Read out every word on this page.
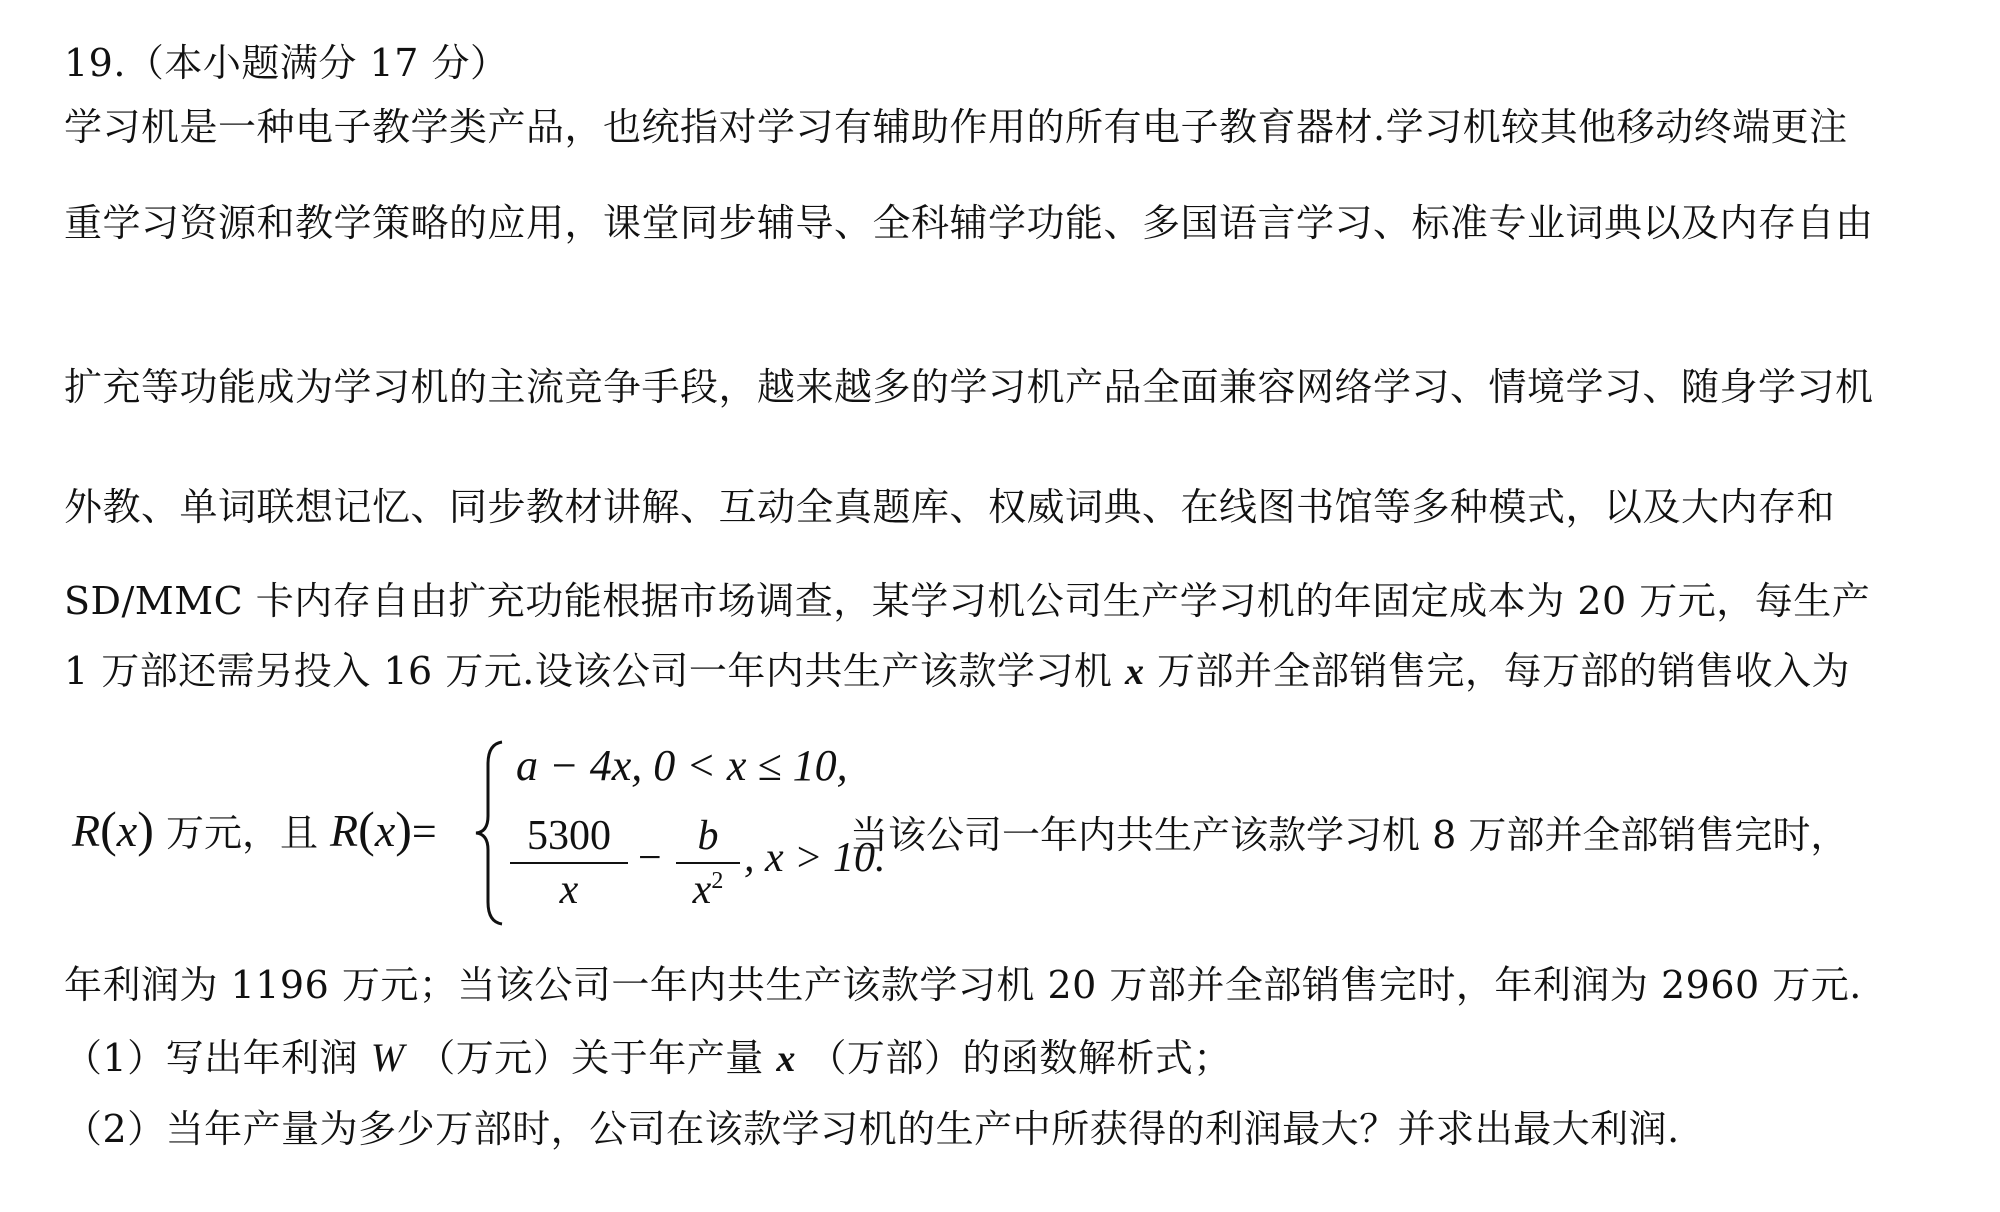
19.（本小题满分 17 分）
学习机是一种电子教学类产品，也统指对学习有辅助作用的所有电子教育器材.学习机较其他移动终端更注
重学习资源和教学策略的应用，课堂同步辅导、全科辅学功能、多国语言学习、标准专业词典以及内存自由
扩充等功能成为学习机的主流竞争手段，越来越多的学习机产品全面兼容网络学习、情境学习、随身学习机
外教、单词联想记忆、同步教材讲解、互动全真题库、权威词典、在线图书馆等多种模式，以及大内存和
SD/MMC 卡内存自由扩充功能根据市场调查，某学习机公司生产学习机的年固定成本为 20 万元，每生产
1 万部还需另投入 16 万元.设该公司一年内共生产该款学习机 x 万部并全部销售完，每万部的销售收入为
R(x) 万元，且 R(x)=
a − 4x, 0 < x ≤ 10,
5300
x
− b
$x^2$ , x > 10.
当该公司一年内共生产该款学习机 8 万部并全部销售完时，
年利润为 1196 万元；当该公司一年内共生产该款学习机 20 万部并全部销售完时，年利润为 2960 万元.
（1）写出年利润 W （万元）关于年产量 x （万部）的函数解析式；
（2）当年产量为多少万部时，公司在该款学习机的生产中所获得的利润最大？并求出最大利润.
